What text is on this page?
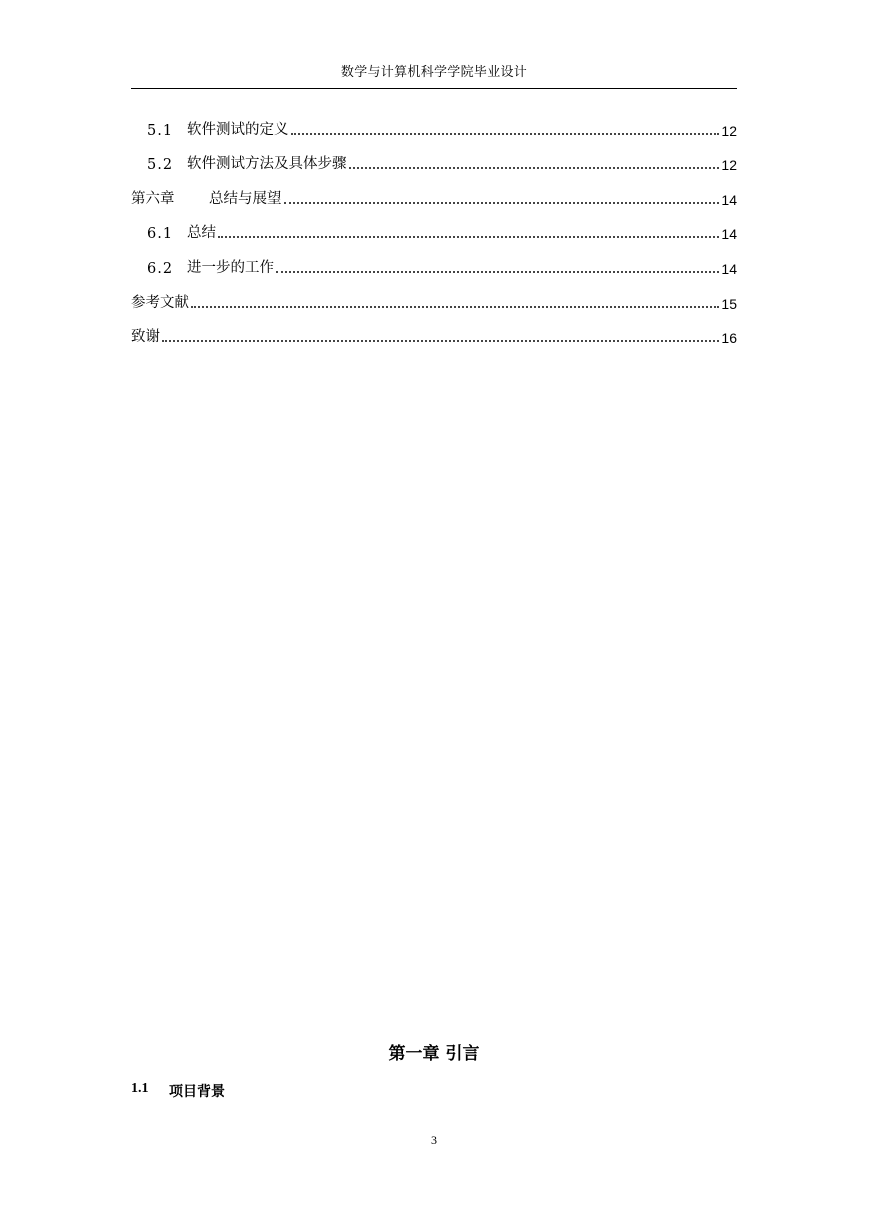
数学与计算机科学学院毕业设计
5.1 软件测试的定义	12
5.2 软件测试方法及具体步骤	12
第六章	总结与展望	14
6.1 总结	14
6.2 进一步的工作	14
参考文献	15
致谢	16
第一章 引言
1.1	项目背景
3
